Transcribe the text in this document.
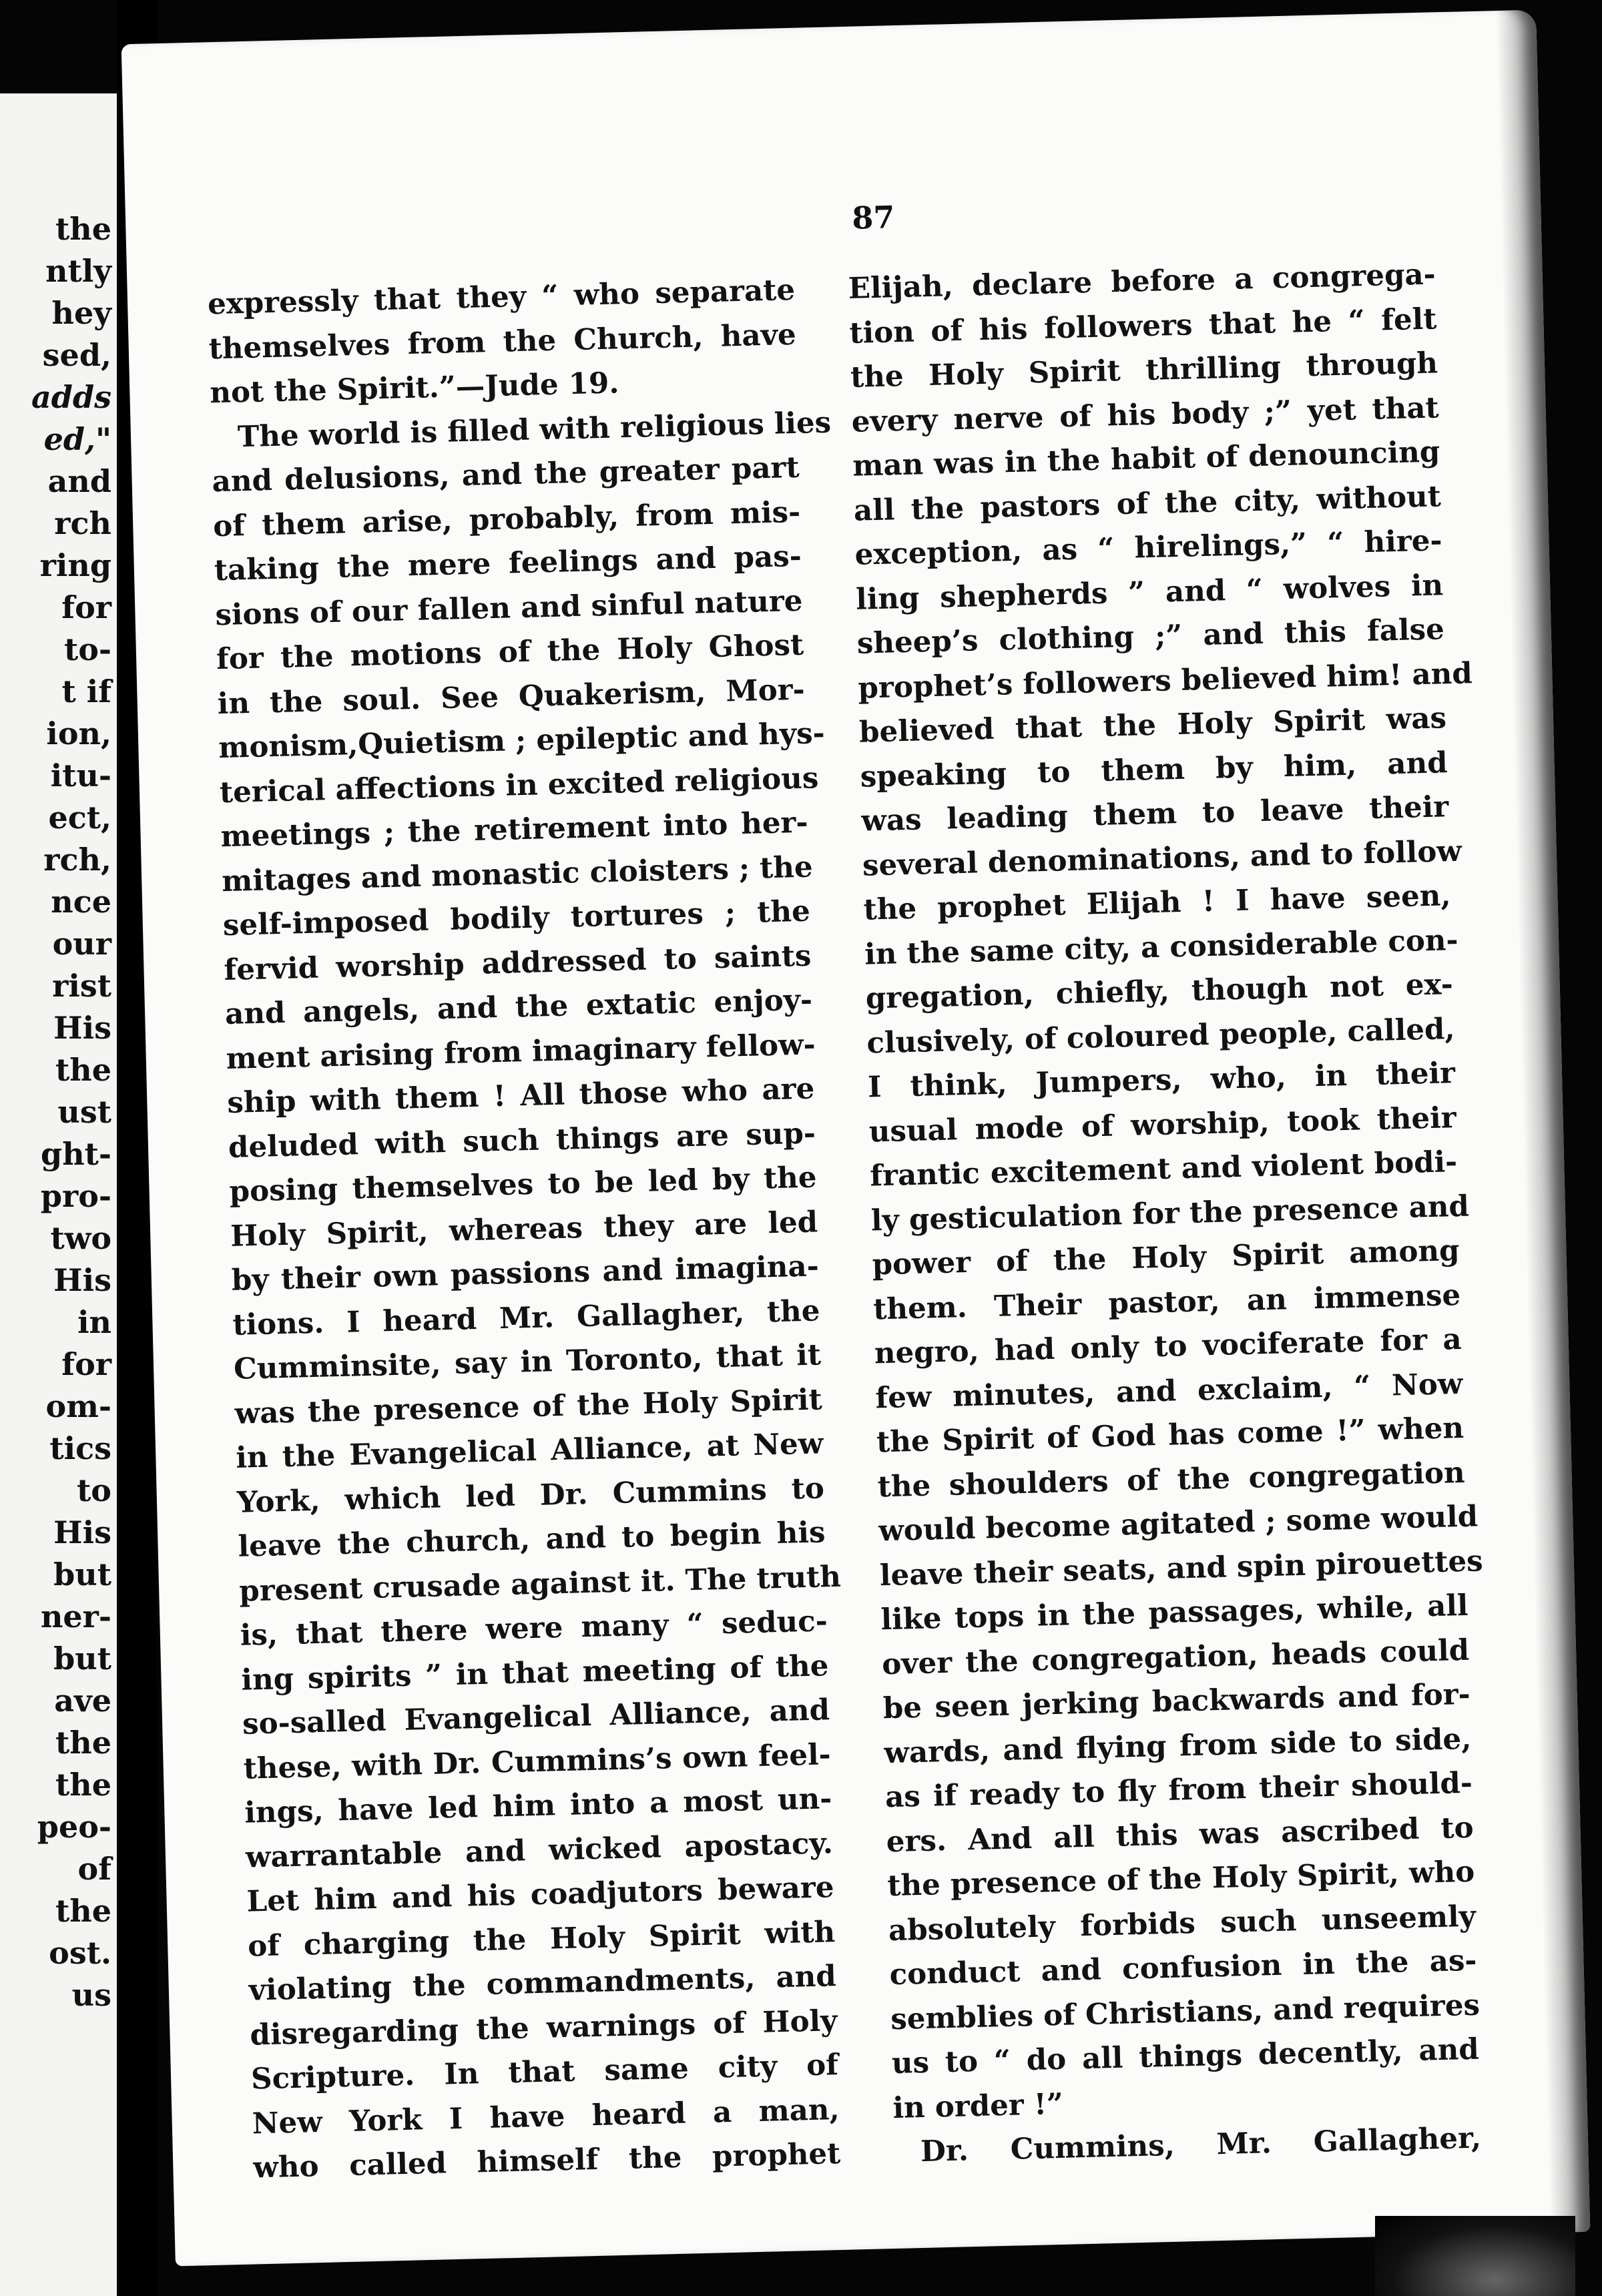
the
ntly
hey
sed,
adds
ed,"
and
rch
ring
for
to-
t if
ion,
itu-
ect,
rch,
nce
our
rist
His
the
ust
ght-
pro-
two
His
in
for
om-
tics
to
His
but
ner-
but
ave
the
the
peo-
of
the
ost.
us
87
expressly that they “ who separate
themselves from the Church, have
not the Spirit.”—Jude 19.
The world is filled with religious lies
and delusions, and the greater part
of them arise, probably, from mis-
taking the mere feelings and pas-
sions of our fallen and sinful nature
for the motions of the Holy Ghost
in the soul. See Quakerism, Mor-
monism,Quietism ; epileptic and hys-
terical affections in excited religious
meetings ; the retirement into her-
mitages and monastic cloisters ; the
self-imposed bodily tortures ; the
fervid worship addressed to saints
and angels, and the extatic enjoy-
ment arising from imaginary fellow-
ship with them ! All those who are
deluded with such things are sup-
posing themselves to be led by the
Holy Spirit, whereas they are led
by their own passions and imagina-
tions. I heard Mr. Gallagher, the
Cumminsite, say in Toronto, that it
was the presence of the Holy Spirit
in the Evangelical Alliance, at New
York, which led Dr. Cummins to
leave the church, and to begin his
present crusade against it. The truth
is, that there were many “ seduc-
ing spirits ” in that meeting of the
so-salled Evangelical Alliance, and
these, with Dr. Cummins’s own feel-
ings, have led him into a most un-
warrantable and wicked apostacy.
Let him and his coadjutors beware
of charging the Holy Spirit with
violating the commandments, and
disregarding the warnings of Holy
Scripture. In that same city of
New York I have heard a man,
who called himself the prophet
Elijah, declare before a congrega-
tion of his followers that he “ felt
the Holy Spirit thrilling through
every nerve of his body ;” yet that
man was in the habit of denouncing
all the pastors of the city, without
exception, as “ hirelings,” “ hire-
ling shepherds ” and “ wolves in
sheep’s clothing ;” and this false
prophet’s followers believed him! and
believed that the Holy Spirit was
speaking to them by him, and
was leading them to leave their
several denominations, and to follow
the prophet Elijah ! I have seen,
in the same city, a considerable con-
gregation, chiefly, though not ex-
clusively, of coloured people, called,
I think, Jumpers, who, in their
usual mode of worship, took their
frantic excitement and violent bodi-
ly gesticulation for the presence and
power of the Holy Spirit among
them. Their pastor, an immense
negro, had only to vociferate for a
few minutes, and exclaim, “ Now
the Spirit of God has come !” when
the shoulders of the congregation
would become agitated ; some would
leave their seats, and spin pirouettes
like tops in the passages, while, all
over the congregation, heads could
be seen jerking backwards and for-
wards, and flying from side to side,
as if ready to fly from their should-
ers. And all this was ascribed to
the presence of the Holy Spirit, who
absolutely forbids such unseemly
conduct and confusion in the as-
semblies of Christians, and requires
us to “ do all things decently, and
in order !”
Dr. Cummins, Mr. Gallagher,
